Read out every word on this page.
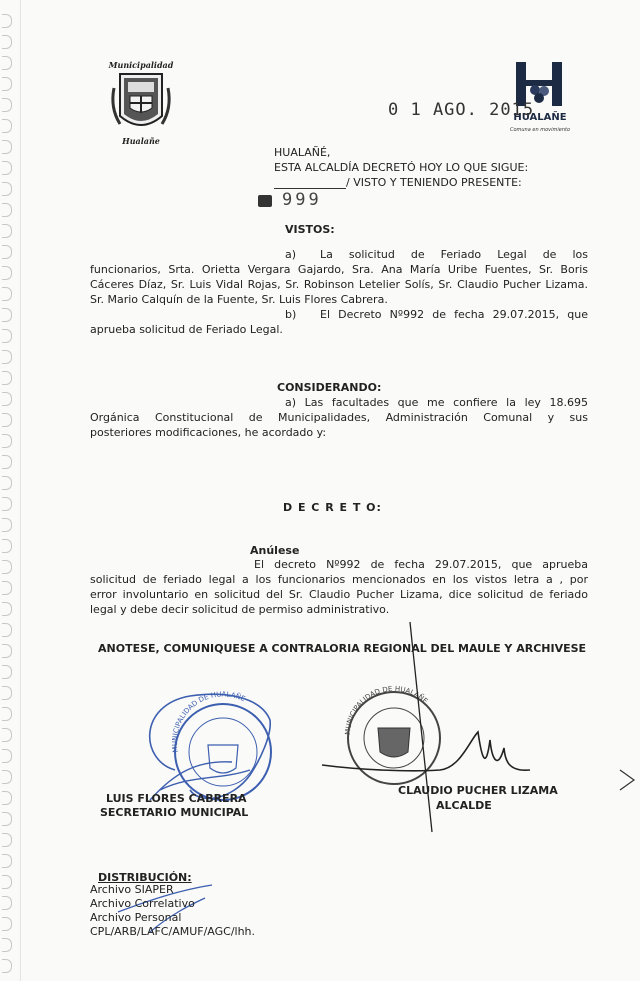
Municipalidad
Hualañe
HUALAÑE
Comuna en movimiento
0 1 AGO. 2015
HUALAÑÉ,
ESTA ALCALDÍA DECRETÓ HOY LO QUE SIGUE:
/ VISTO Y TENIENDO PRESENTE:
999
VISTOS:
a) La solicitud de Feriado Legal de los
funcionarios, Srta. Orietta Vergara Gajardo, Sra. Ana María Uribe Fuentes, Sr. Boris
Cáceres Díaz, Sr. Luis Vidal Rojas, Sr. Robinson Letelier Solís, Sr. Claudio Pucher Lizama.
Sr. Mario Calquín de la Fuente, Sr. Luis Flores Cabrera.
b) El Decreto Nº992 de fecha 29.07.2015, que
aprueba solicitud de Feriado Legal.
CONSIDERANDO:
a) Las facultades que me confiere la ley 18.695
Orgánica Constitucional de Municipalidades, Administración Comunal y sus
posteriores modificaciones, he acordado y:
D E C R E T O:
Anúlese
El decreto Nº992 de fecha 29.07.2015, que aprueba
solicitud de feriado legal a los funcionarios mencionados en los vistos letra a , por
error involuntario en solicitud del Sr. Claudio Pucher Lizama, dice solicitud de feriado
legal y debe decir solicitud de permiso administrativo.
ANOTESE, COMUNIQUESE A CONTRALORIA REGIONAL DEL MAULE Y ARCHIVESE
MUNICIPALIDAD DE HUALAÑE
MUNICIPALIDAD DE HUALAÑE
LUIS FLORES CABRERA
SECRETARIO MUNICIPAL
CLAUDIO PUCHER LIZAMA
ALCALDE
DISTRIBUCIÓN:
Archivo SIAPER
Archivo Correlativo
Archivo Personal
CPL/ARB/LAFC/AMUF/AGC/lhh.
